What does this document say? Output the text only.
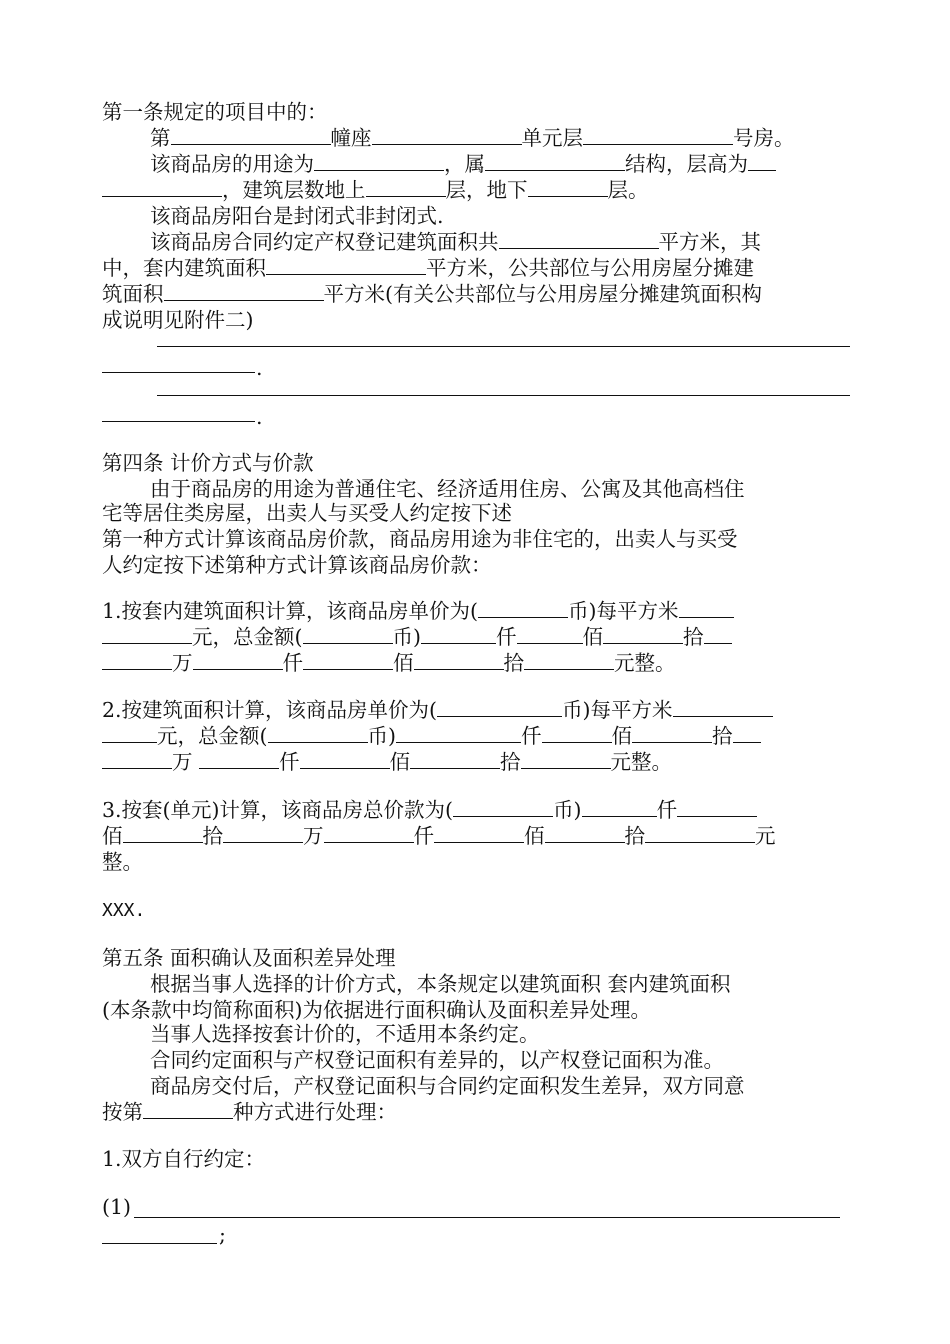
第一条规定的项目中的：
第	幢座	单元层	号房。
该商品房的用途为	，属	结构，层高为
，建筑层数地上	层，地下	层。
该商品房阳台是封闭式非封闭式.
该商品房合同约定产权登记建筑面积共	平方米，其
中，套内建筑面积	平方米，公共部位与公用房屋分摊建
筑面积	平方米(有关公共部位与公用房屋分摊建筑面积构
成说明见附件二)
.
.
第四条 计价方式与价款
由于商品房的用途为普通住宅、经济适用住房、公寓及其他高档住
宅等居住类房屋，出卖人与买受人约定按下述
第一种方式计算该商品房价款，商品房用途为非住宅的，出卖人与买受
人约定按下述第种方式计算该商品房价款：
1.按套内建筑面积计算，该商品房单价为(	币)每平方米
元，总金额(	币)	仟	佰	拾
万	仟	佰	拾	元整。
2.按建筑面积计算，该商品房单价为(	币)每平方米
元，总金额(	币)	仟	佰	拾
万	仟	佰	拾	元整。
3.按套(单元)计算，该商品房总价款为(	币)	仟
佰	拾	万	仟	佰	拾	元
整。
XXX.
第五条 面积确认及面积差异处理
根据当事人选择的计价方式，本条规定以建筑面积 套内建筑面积
(本条款中均简称面积)为依据进行面积确认及面积差异处理。
当事人选择按套计价的，不适用本条约定。
合同约定面积与产权登记面积有差异的，以产权登记面积为准。
商品房交付后，产权登记面积与合同约定面积发生差异，双方同意
按第	种方式进行处理：
1.双方自行约定：
(1)
;
